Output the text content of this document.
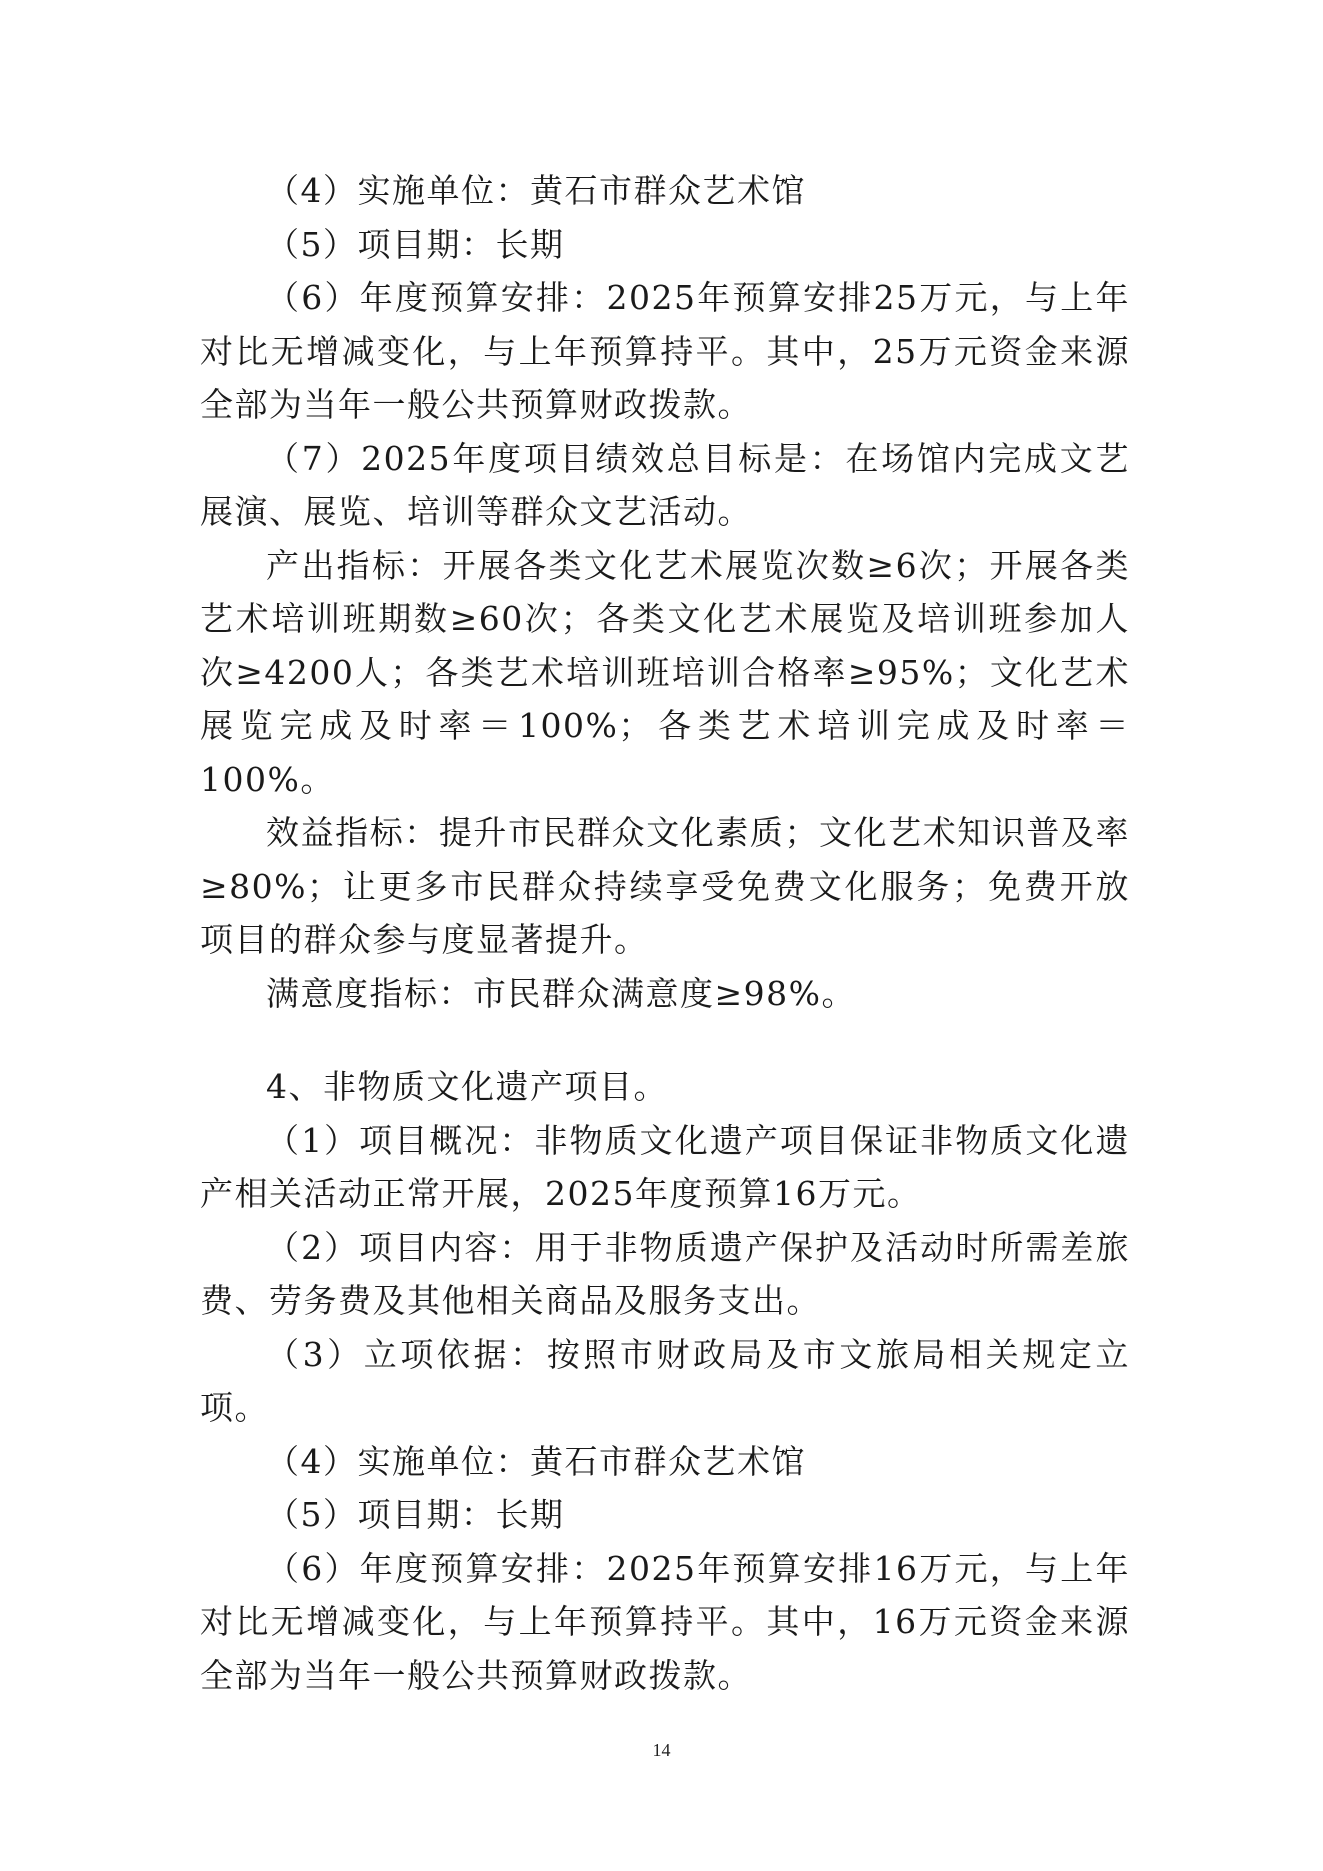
（4）实施单位：黄石市群众艺术馆

（5）项目期：长期

（6）年度预算安排：2025年预算安排25万元，与上年对比无增减变化，与上年预算持平。其中，25万元资金来源全部为当年一般公共预算财政拨款。

（7）2025年度项目绩效总目标是：在场馆内完成文艺展演、展览、培训等群众文艺活动。

产出指标：开展各类文化艺术展览次数≥6次；开展各类艺术培训班期数≥60次；各类文化艺术展览及培训班参加人次≥4200人；各类艺术培训班培训合格率≥95%；文化艺术展览完成及时率＝100%；各类艺术培训完成及时率＝100%。

效益指标：提升市民群众文化素质；文化艺术知识普及率≥80%；让更多市民群众持续享受免费文化服务；免费开放项目的群众参与度显著提升。

满意度指标：市民群众满意度≥98%。

4、非物质文化遗产项目。

（1）项目概况：非物质文化遗产项目保证非物质文化遗产相关活动正常开展，2025年度预算16万元。

（2）项目内容：用于非物质遗产保护及活动时所需差旅费、劳务费及其他相关商品及服务支出。

（3）立项依据：按照市财政局及市文旅局相关规定立项。

（4）实施单位：黄石市群众艺术馆

（5）项目期：长期

（6）年度预算安排：2025年预算安排16万元，与上年对比无增减变化，与上年预算持平。其中，16万元资金来源全部为当年一般公共预算财政拨款。

14
